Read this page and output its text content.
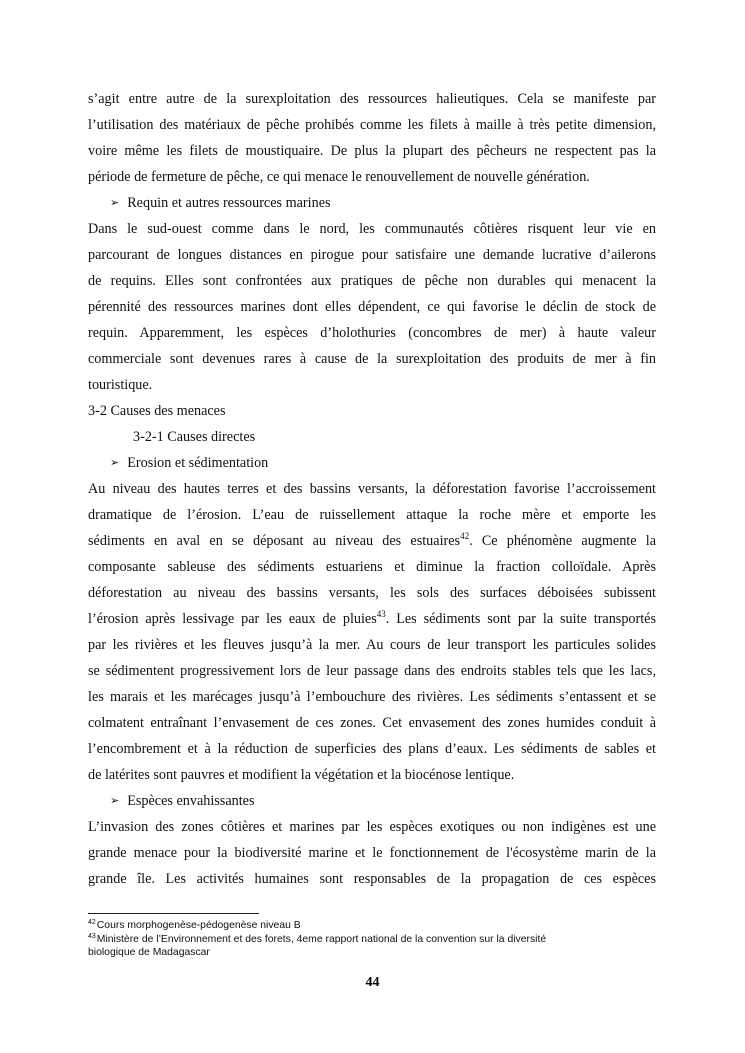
s’agit entre autre de la surexploitation des ressources halieutiques. Cela se manifeste par
l’utilisation des matériaux de pêche prohibés comme les filets à maille à très petite dimension,
voire même les filets de moustiquaire. De plus la plupart des pêcheurs ne respectent pas la
période de fermeture de pêche, ce qui menace le renouvellement de nouvelle génération.
➢ Requin et autres ressources marines
Dans le sud-ouest comme dans le nord, les communautés côtières risquent leur vie en
parcourant de longues distances en pirogue pour satisfaire une demande lucrative d’ailerons
de requins. Elles sont confrontées aux pratiques de pêche non durables qui menacent la
pérennité des ressources marines dont elles dépendent, ce qui favorise le déclin de stock de
requin. Apparemment, les espèces d’holothuries (concombres de mer) à haute valeur
commerciale sont devenues rares à cause de la surexploitation des produits de mer à fin
touristique.
3-2 Causes des menaces
3-2-1 Causes directes
➢ Erosion et sédimentation
Au niveau des hautes terres et des bassins versants, la déforestation favorise l’accroissement
dramatique de l’érosion. L’eau de ruissellement attaque la roche mère et emporte les
sédiments en aval en se déposant au niveau des estuaires$^{42}$. Ce phénomène augmente la
composante sableuse des sédiments estuariens et diminue la fraction colloïdale. Après
déforestation au niveau des bassins versants, les sols des surfaces déboisées subissent
l’érosion après lessivage par les eaux de pluies$^{43}$. Les sédiments sont par la suite transportés
par les rivières et les fleuves jusqu’à la mer. Au cours de leur transport les particules solides
se sédimentent progressivement lors de leur passage dans des endroits stables tels que les lacs,
les marais et les marécages jusqu’à l’embouchure des rivières. Les sédiments s’entassent et se
colmatent entraînant l’envasement de ces zones. Cet envasement des zones humides conduit à
l’encombrement et à la réduction de superficies des plans d’eaux. Les sédiments de sables et
de latérites sont pauvres et modifient la végétation et la biocénose lentique.
➢ Espèces envahissantes
L’invasion des zones côtières et marines par les espèces exotiques ou non indigènes est une
grande menace pour la biodiversité marine et le fonctionnement de l'écosystème marin de la
grande île. Les activités humaines sont responsables de la propagation de ces espèces
$^{42}$Cours morphogenèse-pédogenèse niveau B
$^{43}$Ministère de l’Environnement et des forets, 4eme rapport national de la convention sur la diversité
biologique de Madagascar
44
